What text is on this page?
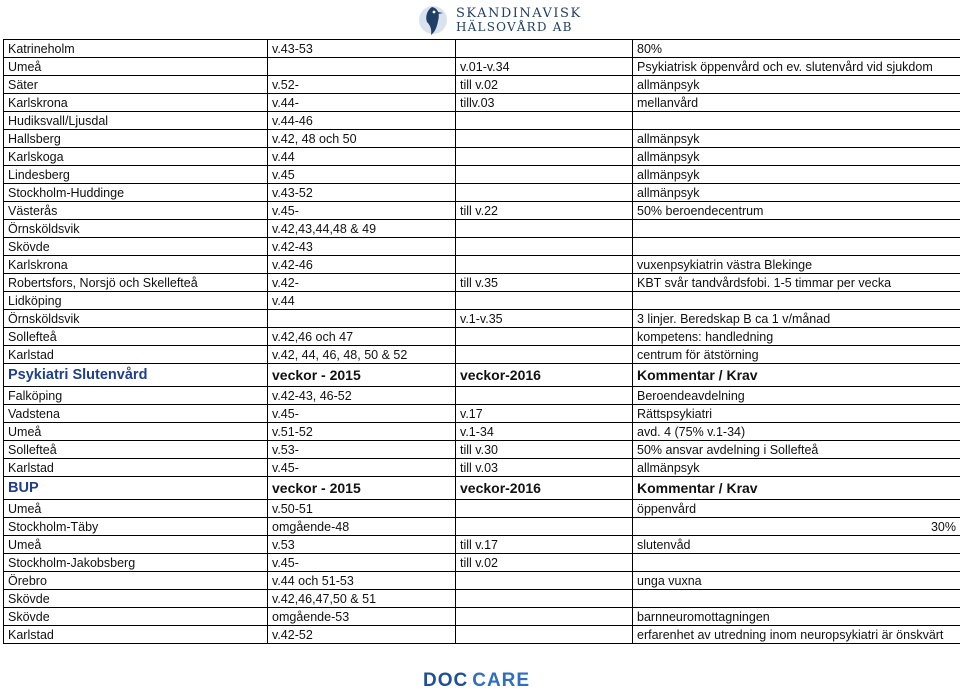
SKANDINAVISK
HÄLSOVÅRD AB
Katrineholm	v.43-53		80%
Umeå		v.01-v.34	Psykiatrisk öppenvård och ev. slutenvård vid sjukdom
Säter	v.52-	till v.02	allmänpsyk
Karlskrona	v.44-	tillv.03	mellanvård
Hudiksvall/Ljusdal	v.44-46		
Hallsberg	v.42, 48 och 50		allmänpsyk
Karlskoga	v.44		allmänpsyk
Lindesberg	v.45		allmänpsyk
Stockholm-Huddinge	v.43-52		allmänpsyk
Västerås	v.45-	till v.22	50% beroendecentrum
Örnsköldsvik	v.42,43,44,48 & 49		
Skövde	v.42-43		
Karlskrona	v.42-46		vuxenpsykiatrin västra Blekinge
Robertsfors, Norsjö och Skellefteå	v.42-	till v.35	KBT svår tandvårdsfobi. 1-5 timmar per vecka
Lidköping	v.44		
Örnsköldsvik		v.1-v.35	3 linjer. Beredskap B ca 1 v/månad
Sollefteå	v.42,46 och 47		kompetens: handledning
Karlstad	v.42, 44, 46, 48, 50 & 52		centrum för ätstörning
Psykiatri Slutenvård	veckor - 2015	veckor-2016	Kommentar / Krav
Falköping	v.42-43, 46-52		Beroendeavdelning
Vadstena	v.45-	v.17	Rättspsykiatri
Umeå	v.51-52	v.1-34	avd. 4 (75% v.1-34)
Sollefteå	v.53-	till v.30	50% ansvar avdelning i Sollefteå
Karlstad	v.45-	till v.03	allmänpsyk
BUP	veckor - 2015	veckor-2016	Kommentar / Krav
Umeå	v.50-51		öppenvård
Stockholm-Täby	omgående-48		30%
Umeå	v.53	till v.17	slutenvåd
Stockholm-Jakobsberg	v.45-	till v.02	
Örebro	v.44 och 51-53		unga vuxna
Skövde	v.42,46,47,50 & 51		
Skövde	omgående-53		barnneuromottagningen
Karlstad	v.42-52		erfarenhet av utredning inom neuropsykiatri är önskvärt
DOC CARE
